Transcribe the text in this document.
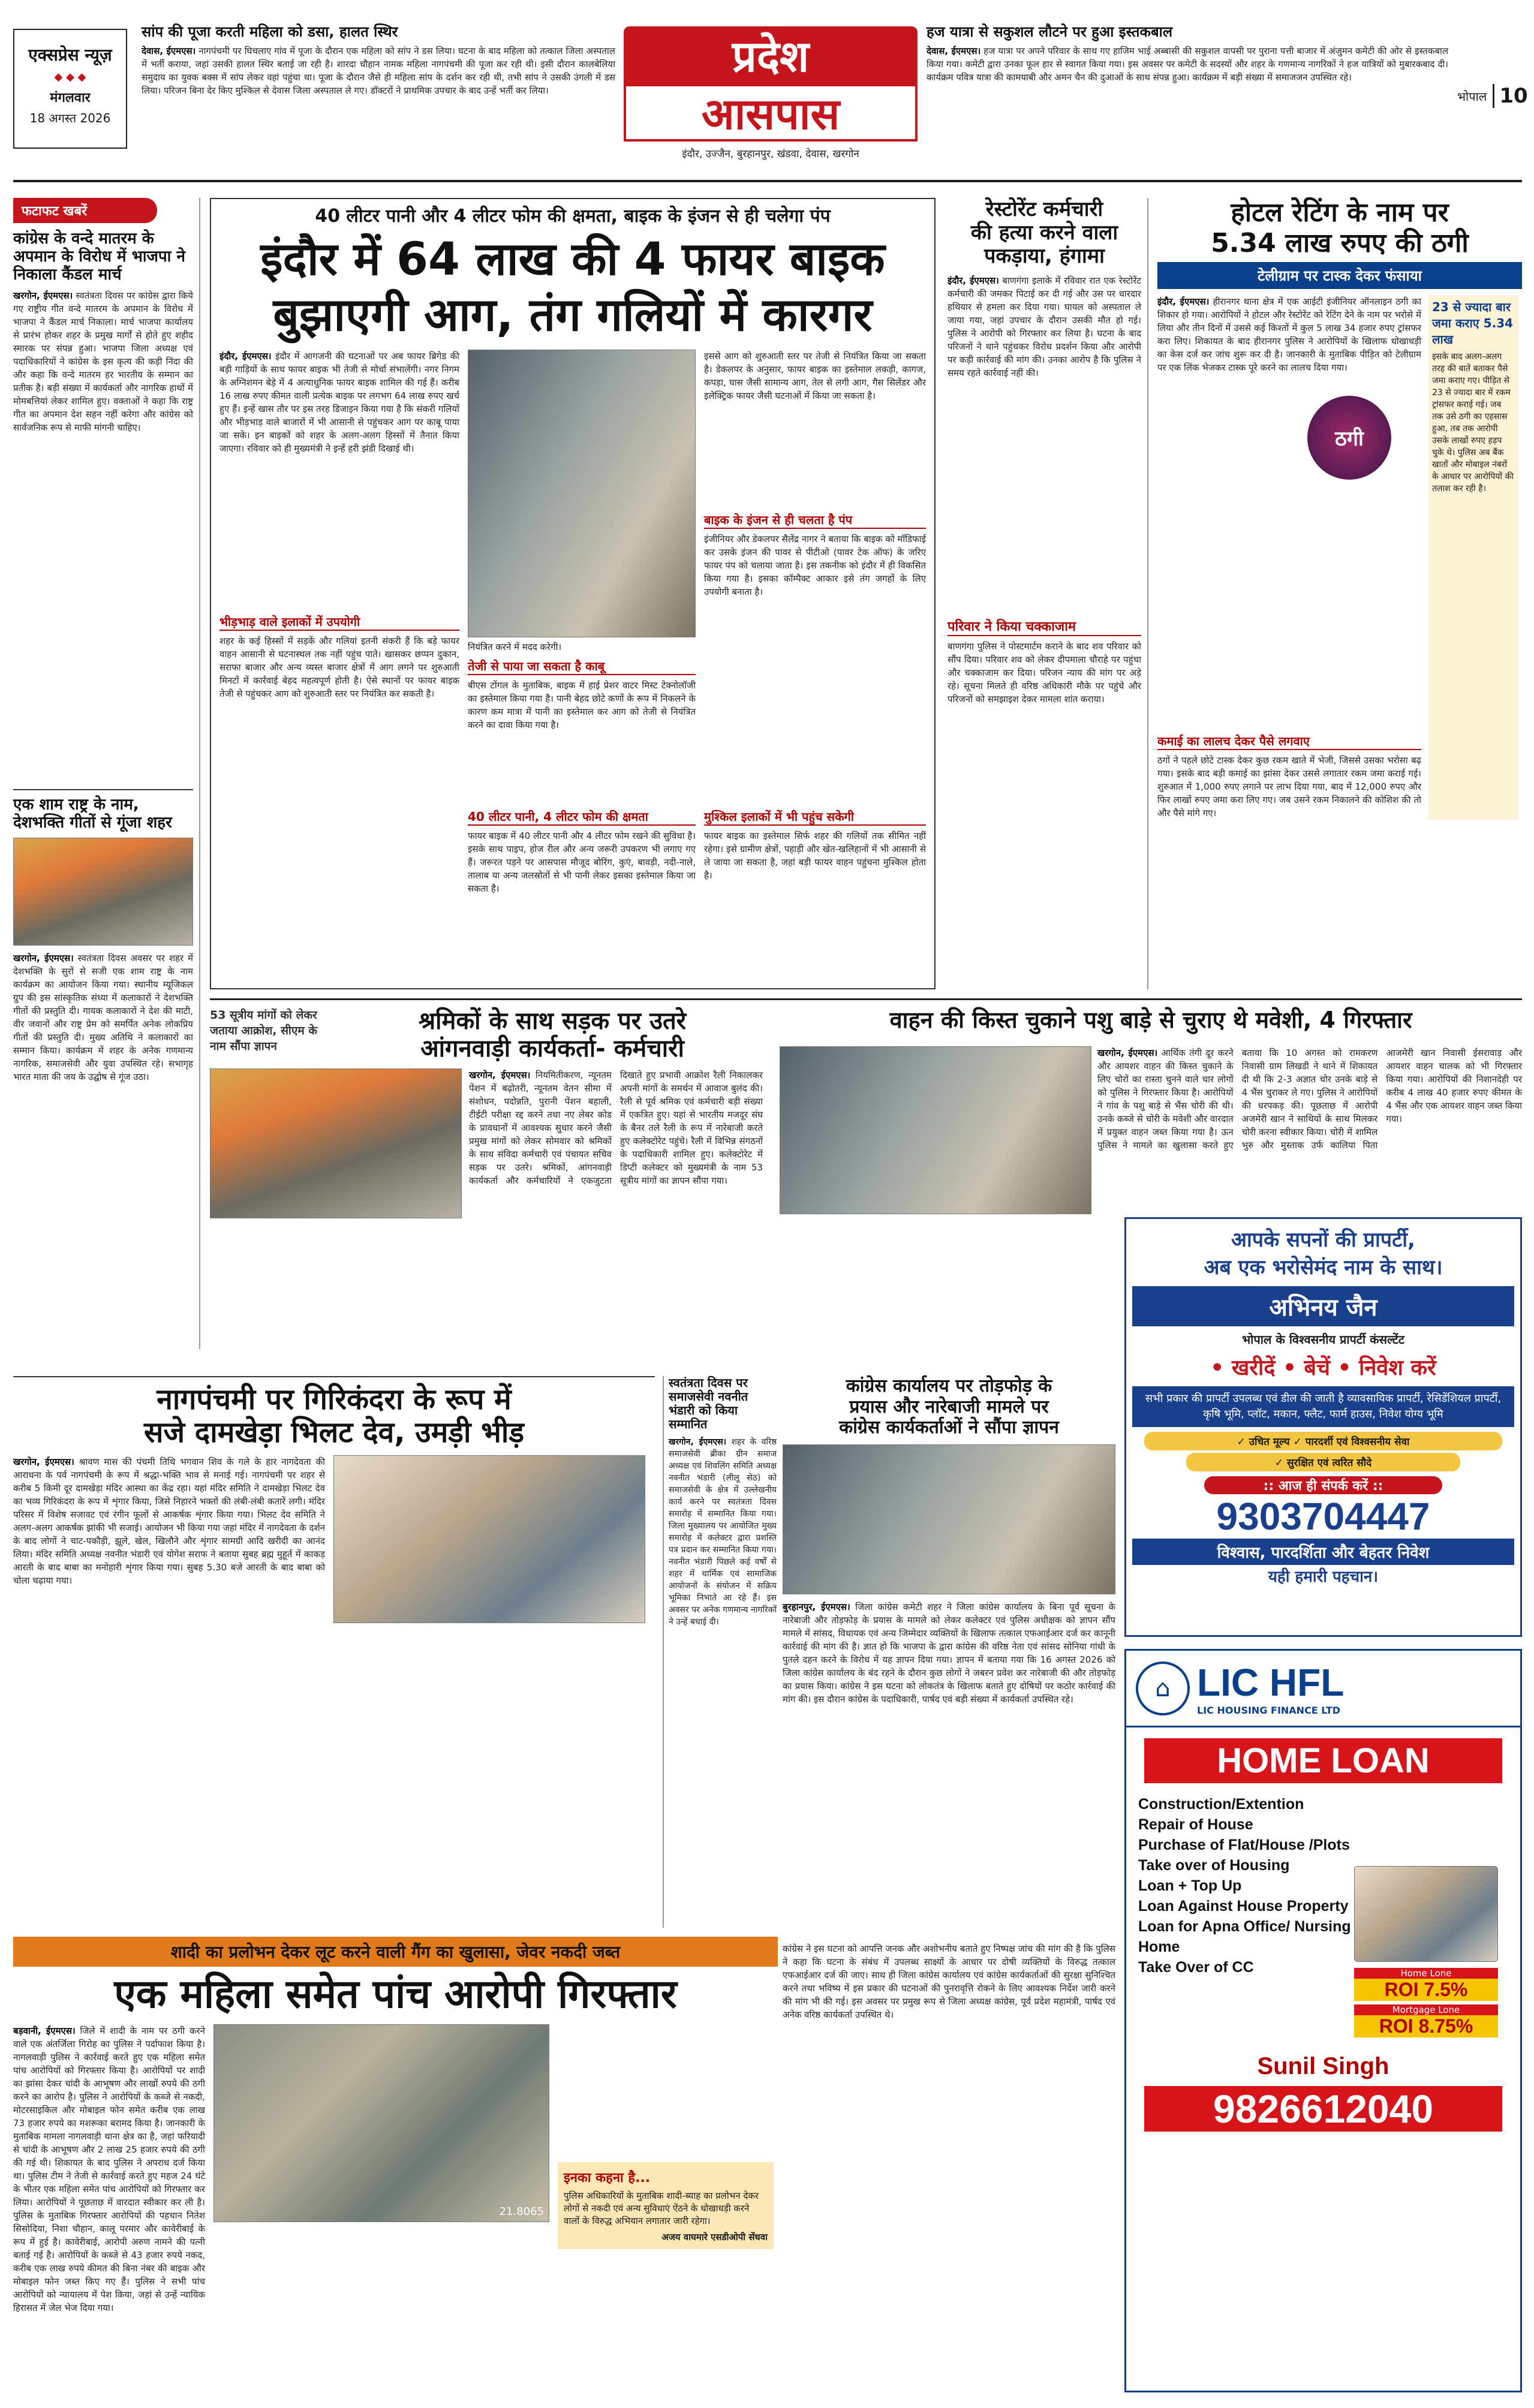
एक्सप्रेस न्यूज़
◆ ◆ ◆
मंगलवार
18 अगस्त 2026
सांप की पूजा करती महिला को डसा, हालत स्थिर
देवास, ईएमएस। नागपंचमी पर घिचलाए गांव में पूजा के दौरान एक महिला को सांप ने डस लिया। घटना के बाद महिला को तत्काल जिला अस्पताल में भर्ती कराया, जहां उसकी हालत स्थिर बताई जा रही है। शारदा चौहान नामक महिला नागपंचमी की पूजा कर रही थी। इसी दौरान कालबेलिया समुदाय का युवक बक्स में सांप लेकर वहां पहुंचा था। पूजा के दौरान जैसे ही महिला सांप के दर्शन कर रही थी, तभी सांप ने उसकी उंगली में डस लिया। परिजन बिना देर किए मुश्किल से देवास जिला अस्पताल ले गए। डॉक्टरों ने प्राथमिक उपचार के बाद उन्हें भर्ती कर लिया।
प्रदेश
आसपास
इंदौर, उज्जैन, बुरहानपुर, खंडवा, देवास, खरगोन
हज यात्रा से सकुशल लौटने पर हुआ इस्तकबाल
देवास, ईएमएस। हज यात्रा पर अपने परिवार के साथ गए हाजिम भाई अब्बासी की सकुशल वापसी पर पुराना पत्ती बाजार में अंजुमन कमेटी की ओर से इस्तकबाल किया गया। कमेटी द्वारा उनका फूल हार से स्वागत किया गया। इस अवसर पर कमेटी के सदस्यों और शहर के गणमान्य नागरिकों ने हज यात्रियों को मुबारकबाद दी। कार्यक्रम पवित्र यात्रा की कामयाबी और अमन चैन की दुआओं के साथ संपन्न हुआ। कार्यक्रम में बड़ी संख्या में समाजजन उपस्थित रहे।
भोपाल 10
फटाफट खबरें
कांग्रेस के वन्दे मातरम के अपमान के विरोध में भाजपा ने निकाला कैंडल मार्च
खरगोन, ईएमएस। स्वतंत्रता दिवस पर कांग्रेस द्वारा किये गए राष्ट्रीय गीत वन्दे मातरम के अपमान के विरोध में भाजपा ने कैंडल मार्च निकाला। मार्च भाजपा कार्यालय से प्रारंभ होकर शहर के प्रमुख मार्गों से होते हुए शहीद स्मारक पर संपन्न हुआ। भाजपा जिला अध्यक्ष एवं पदाधिकारियों ने कांग्रेस के इस कृत्य की कड़ी निंदा की और कहा कि वन्दे मातरम हर भारतीय के सम्मान का प्रतीक है। बड़ी संख्या में कार्यकर्ता और नागरिक हाथों में मोमबत्तियां लेकर शामिल हुए। वक्ताओं ने कहा कि राष्ट्र गीत का अपमान देश सहन नहीं करेगा और कांग्रेस को सार्वजनिक रूप से माफी मांगनी चाहिए।
एक शाम राष्ट्र के नाम, देशभक्ति गीतों से गूंजा शहर
खरगोन, ईएमएस। स्वतंत्रता दिवस अवसर पर शहर में देशभक्ति के सुरों से सजी एक शाम राष्ट्र के नाम कार्यक्रम का आयोजन किया गया। स्थानीय म्यूजिकल ग्रुप की इस सांस्कृतिक संध्या में कलाकारों ने देशभक्ति गीतों की प्रस्तुति दी। गायक कलाकारों ने देश की माटी, वीर जवानों और राष्ट्र प्रेम को समर्पित अनेक लोकप्रिय गीतों की प्रस्तुति दी। मुख्य अतिथि ने कलाकारों का सम्मान किया। कार्यक्रम में शहर के अनेक गणमान्य नागरिक, समाजसेवी और युवा उपस्थित रहे। सभागृह भारत माता की जय के उद्घोष से गूंज उठा।
40 लीटर पानी और 4 लीटर फोम की क्षमता, बाइक के इंजन से ही चलेगा पंप
इंदौर में 64 लाख की 4 फायर बाइक
बुझाएगी आग, तंग गलियों में कारगर
इंदौर, ईएमएस। इंदौर में आगजनी की घटनाओं पर अब फायर ब्रिगेड की बड़ी गाड़ियों के साथ फायर बाइक भी तेजी से मोर्चा संभालेंगी। नगर निगम के अग्निशमन बेड़े में 4 अत्याधुनिक फायर बाइक शामिल की गई हैं। करीब 16 लाख रुपए कीमत वाली प्रत्येक बाइक पर लगभग 64 लाख रुपए खर्च हुए हैं। इन्हें खास तौर पर इस तरह डिजाइन किया गया है कि संकरी गलियों और भीड़भाड़ वाले बाजारों में भी आसानी से पहुंचकर आग पर काबू पाया जा सके। इन बाइकों को शहर के अलग-अलग हिस्सों में तैनात किया जाएगा। रविवार को ही मुख्यमंत्री ने इन्हें हरी झंडी दिखाई थी।
भीड़भाड़ वाले इलाकों में उपयोगी
शहर के कई हिस्सों में सड़कें और गलियां इतनी संकरी हैं कि बड़े फायर वाहन आसानी से घटनास्थल तक नहीं पहुंच पाते। खासकर छप्पन दुकान, सराफा बाजार और अन्य व्यस्त बाजार क्षेत्रों में आग लगने पर शुरुआती मिनटों में कार्रवाई बेहद महत्वपूर्ण होती है। ऐसे स्थानों पर फायर बाइक तेजी से पहुंचकर आग को शुरुआती स्तर पर नियंत्रित कर सकती है।
नियंत्रित करने में मदद करेगी।
तेजी से पाया जा सकता है काबू
बीएस टोंगल के मुताबिक, बाइक में हाई प्रेशर वाटर मिस्ट टेक्नोलॉजी का इस्तेमाल किया गया है। पानी बेहद छोटे कणों के रूप में निकलने के कारण कम मात्रा में पानी का इस्तेमाल कर आग को तेजी से नियंत्रित करने का दावा किया गया है।
इससे आग को शुरुआती स्तर पर तेजी से नियंत्रित किया जा सकता है। डेकलपर के अनुसार, फायर बाइक का इस्तेमाल लकड़ी, कागज, कपड़ा, घास जैसी सामान्य आग, तेल से लगी आग, गैस सिलेंडर और इलेक्ट्रिक फायर जैसी घटनाओं में किया जा सकता है।
बाइक के इंजन से ही चलता है पंप
इंजीनियर और डेकलपर सैलेंद्र नागर ने बताया कि बाइक को मॉडिफाई कर उसके इंजन की पावर से पीटीओ (पावर टेक ऑफ) के जरिए फायर पंप को चलाया जाता है। इस तकनीक को इंदौर में ही विकसित किया गया है। इसका कॉम्पैक्ट आकार इसे तंग जगहों के लिए उपयोगी बनाता है।
40 लीटर पानी, 4 लीटर फोम की क्षमता
फायर बाइक में 40 लीटर पानी और 4 लीटर फोम रखने की सुविधा है। इसके साथ पाइप, होज रील और अन्य जरूरी उपकरण भी लगाए गए हैं। जरूरत पड़ने पर आसपास मौजूद बोरिंग, कुएं, बावड़ी, नदी-नाले, तालाब या अन्य जलस्रोतों से भी पानी लेकर इसका इस्तेमाल किया जा सकता है।
मुश्किल इलाकों में भी पहुंच सकेगी
फायर बाइक का इस्तेमाल सिर्फ शहर की गलियों तक सीमित नहीं रहेगा। इसे ग्रामीण क्षेत्रों, पहाड़ी और खेत-खलिहानों में भी आसानी से ले जाया जा सकता है, जहां बड़ी फायर वाहन पहुंचना मुश्किल होता है।
रेस्टोरेंट कर्मचारी
की हत्या करने वाला
पकड़ाया, हंगामा
इंदौर, ईएमएस। बाणगंगा इलाके में रविवार रात एक रेस्टोरेंट कर्मचारी की जमकर पिटाई कर दी गई और उस पर धारदार हथियार से हमला कर दिया गया। घायल को अस्पताल ले जाया गया, जहां उपचार के दौरान उसकी मौत हो गई। पुलिस ने आरोपी को गिरफ्तार कर लिया है। घटना के बाद परिजनों ने थाने पहुंचकर विरोध प्रदर्शन किया और आरोपी पर कड़ी कार्रवाई की मांग की। उनका आरोप है कि पुलिस ने समय रहते कार्रवाई नहीं की।
परिवार ने किया चक्काजाम
बाणगंगा पुलिस ने पोस्टमार्टम कराने के बाद शव परिवार को सौंप दिया। परिवार शव को लेकर दीपमाला चौराहे पर पहुंचा और चक्काजाम कर दिया। परिजन न्याय की मांग पर अड़े रहे। सूचना मिलते ही वरिष्ठ अधिकारी मौके पर पहुंचे और परिजनों को समझाइश देकर मामला शांत कराया।
होटल रेटिंग के नाम पर
5.34 लाख रुपए की ठगी
टेलीग्राम पर टास्क देकर फंसाया
इंदौर, ईएमएस। हीरानगर थाना क्षेत्र में एक आईटी इंजीनियर ऑनलाइन ठगी का शिकार हो गया। आरोपियों ने होटल और रेस्टोरेंट को रेटिंग देने के नाम पर भरोसे में लिया और तीन दिनों में उससे कई किश्तों में कुल 5 लाख 34 हजार रुपए ट्रांसफर करा लिए। शिकायत के बाद हीरानगर पुलिस ने आरोपियों के खिलाफ धोखाधड़ी का केस दर्ज कर जांच शुरू कर दी है। जानकारी के मुताबिक पीड़ित को टेलीग्राम पर एक लिंक भेजकर टास्क पूरे करने का लालच दिया गया।
कमाई का लालच देकर पैसे लगवाए
ठगों ने पहले छोटे टास्क देकर कुछ रकम खाते में भेजी, जिससे उसका भरोसा बढ़ गया। इसके बाद बड़ी कमाई का झांसा देकर उससे लगातार रकम जमा कराई गई। शुरुआत में 1,000 रुपए लगाने पर लाभ दिया गया, बाद में 12,000 रुपए और फिर लाखों रुपए जमा करा लिए गए। जब उसने रकम निकालने की कोशिश की तो और पैसे मांगे गए।
23 से ज्यादा बार जमा कराए 5.34 लाख
इसके बाद अलग-अलग तरह की बातें बताकर पैसे जमा कराए गए। पीड़ित से 23 से ज्यादा बार में रकम ट्रांसफर कराई गई। जब तक उसे ठगी का एहसास हुआ, तब तक आरोपी उसके लाखों रुपए हड़प चुके थे। पुलिस अब बैंक खातों और मोबाइल नंबरों के आधार पर आरोपियों की तलाश कर रही है।
ठगी
53 सूत्रीय मांगों को लेकर जताया आक्रोश, सीएम के नाम सौंपा ज्ञापन
श्रमिकों के साथ सड़क पर उतरे
आंगनवाड़ी कार्यकर्ता- कर्मचारी
खरगोन, ईएमएस। नियमितीकरण, न्यूनतम पेंशन में बढ़ोतरी, न्यूनतम वेतन सीमा में संशोधन, पदोन्नति, पुरानी पेंशन बहाली, टीईटी परीक्षा रद्द करने तथा नए लेबर कोड के प्रावधानों में आवश्यक सुधार करने जैसी प्रमुख मांगों को लेकर सोमवार को श्रमिकों के साथ संविदा कर्मचारी एवं पंचायत सचिव सड़क पर उतरे। श्रमिकों, आंगनवाड़ी कार्यकर्ता और कर्मचारियों ने एकजुटता दिखाते हुए प्रभावी आक्रोश रैली निकालकर अपनी मांगों के समर्थन में आवाज बुलंद की। रैली से पूर्व श्रमिक एवं कर्मचारी बड़ी संख्या में एकत्रित हुए। यहां से भारतीय मजदूर संघ के बैनर तले रैली के रूप में नारेबाजी करते हुए कलेक्टोरेट पहुंचे। रैली में विभिन्न संगठनों के पदाधिकारी शामिल हुए। कलेक्टोरेट में डिप्टी कलेक्टर को मुख्यमंत्री के नाम 53 सूत्रीय मांगों का ज्ञापन सौंपा गया।
वाहन की किस्त चुकाने पशु बाड़े से चुराए थे मवेशी, 4 गिरफ्तार
खरगोन, ईएमएस। आर्थिक तंगी दूर करने और आयशर वाहन की किस्त चुकाने के लिए चोरों का रास्ता चुनने वाले चार लोगों को पुलिस ने गिरफ्तार किया है। आरोपियों ने गांव के पशु बाड़े से भैंस चोरी की थी। उनके कब्जे से चोरी के मवेशी और वारदात में प्रयुक्त वाहन जब्त किया गया है। ऊन पुलिस ने मामले का खुलासा करते हुए बताया कि 10 अगस्त को रामकरण निवासी ग्राम लिखडी ने थाने में शिकायत दी थी कि 2-3 अज्ञात चोर उनके बाड़े से 4 भैंस चुराकर ले गए। पुलिस ने आरोपियों की धरपकड़ की। पूछताछ में आरोपी अजमेरी खान ने साथियों के साथ मिलकर चोरी करना स्वीकार किया। चोरी में शामिल भुरु और मुस्ताक उर्फ कालिया पिता आजमेरी खान निवासी ईसरावाड़ और आयशर वाहन चालक को भी गिरफ्तार किया गया। आरोपियों की निशानदेही पर करीब 4 लाख 40 हजार रुपए कीमत के 4 भैंस और एक आयशर वाहन जब्त किया गया।
आपके सपनों की प्रापर्टी,
अब एक भरोसेमंद नाम के साथ।
अभिनय जैन
भोपाल के विश्वसनीय प्रापर्टी कंसल्टेंट
• खरीदें • बेचें • निवेश करें
सभी प्रकार की प्रापर्टी उपलब्ध एवं डील की जाती है व्यावसायिक प्रापर्टी, रेसिडेंशियल प्रापर्टी, कृषि भूमि, प्लॉट, मकान, फ्लैट, फार्म हाउस, निवेश योग्य भूमि
✓ उचित मूल्य ✓ पारदर्शी एवं विश्वसनीय सेवा
✓ सुरक्षित एवं त्वरित सौदे
:: आज ही संपर्क करें ::
9303704447
विश्वास, पारदर्शिता और बेहतर निवेश
यही हमारी पहचान।
नागपंचमी पर गिरिकंदरा के रूप में
सजे दामखेड़ा भिलट देव, उमड़ी भीड़
खरगोन, ईएमएस। श्रावण मास की पंचमी तिथि भगवान शिव के गले के हार नागदेवता की आराधना के पर्व नागपंचमी के रूप में श्रद्धा-भक्ति भाव से मनाई गई। नागपंचमी पर शहर से करीब 5 किमी दूर दामखेड़ा मंदिर आस्था का केंद्र रहा। यहां मंदिर समिति ने दामखेड़ा भिलट देव का भव्य गिरिकंदरा के रूप में शृंगार किया, जिसे निहारने भक्तों की लंबी-लंबी कतारें लगी। मंदिर परिसर में विशेष सजावट एवं रंगीन फूलों से आकर्षक शृंगार किया गया। भिलट देव समिति ने अलग-अलग आकर्षक झांकी भी सजाई। आयोजन भी किया गया जहां मंदिर में नागदेवता के दर्शन के बाद लोगों ने चाट-पकौड़ी, झूले, खेल, खिलौने और शृंगार सामग्री आदि खरीदी का आनंद लिया। मंदिर समिति अध्यक्ष नवनीत भंडारी एवं योगेश सराफ ने बताया सुबह ब्रह्म मुहूर्त में काकड़ आरती के बाद बाबा का मनोहारी शृंगार किया गया। सुबह 5.30 बजे आरती के बाद बाबा को चोला चढ़ाया गया।
स्वतंत्रता दिवस पर समाजसेवी नवनीत भंडारी को किया सम्मानित
खरगोन, ईएमएस। शहर के वरिष्ठ समाजसेवी ब्रीका ग्रीन समाज अध्यक्ष एवं शिवलिंग समिति अध्यक्ष नवनीत भंडारी (लीलू सेठ) को समाजसेवी के क्षेत्र में उल्लेखनीय कार्य करने पर स्वतंत्रता दिवस समारोह में सम्मानित किया गया। जिला मुख्यालय पर आयोजित मुख्य समारोह में कलेक्टर द्वारा प्रशस्ति पत्र प्रदान कर सम्मानित किया गया। नवनीत भंडारी पिछले कई वर्षों से शहर में धार्मिक एवं सामाजिक आयोजनों के संयोजन में सक्रिय भूमिका निभाते आ रहे हैं। इस अवसर पर अनेक गणमान्य नागरिकों ने उन्हें बधाई दी।
कांग्रेस कार्यालय पर तोड़फोड़ के
प्रयास और नारेबाजी मामले पर
कांग्रेस कार्यकर्ताओं ने सौंपा ज्ञापन
बुरहानपुर, ईएमएस। जिला कांग्रेस कमेटी शहर ने जिला कांग्रेस कार्यालय के बिना पूर्व सूचना के नारेबाजी और तोड़फोड़ के प्रयास के मामले को लेकर कलेक्टर एवं पुलिस अधीक्षक को ज्ञापन सौंप मामले में सांसद, विधायक एवं अन्य जिम्मेदार व्यक्तियों के खिलाफ तत्काल एफआईआर दर्ज कर कानूनी कार्रवाई की मांग की है। ज्ञात हो कि भाजपा के द्वारा कांग्रेस की वरिष्ठ नेता एवं सांसद सोनिया गांधी के पुतले दहन करने के विरोध में यह ज्ञापन दिया गया। ज्ञापन में बताया गया कि 16 अगस्त 2026 को जिला कांग्रेस कार्यालय के बंद रहने के दौरान कुछ लोगों ने जबरन प्रवेश कर नारेबाजी की और तोड़फोड़ का प्रयास किया। कांग्रेस ने इस घटना को लोकतंत्र के खिलाफ बताते हुए दोषियों पर कठोर कार्रवाई की मांग की। इस दौरान कांग्रेस के पदाधिकारी, पार्षद एवं बड़ी संख्या में कार्यकर्ता उपस्थित रहे।
कांग्रेस ने इस घटना को आपत्ति जनक और अशोभनीय बताते हुए निष्पक्ष जांच की मांग की है कि पुलिस ने कहा कि घटना के संबंध में उपलब्ध साक्ष्यों के आधार पर दोषी व्यक्तियों के विरुद्ध तत्काल एफआईआर दर्ज की जाए। साथ ही जिला कांग्रेस कार्यालय एवं कांग्रेस कार्यकर्ताओं की सुरक्षा सुनिश्चित करने तथा भविष्य में इस प्रकार की घटनाओं की पुनरावृत्ति रोकने के लिए आवश्यक निर्देश जारी करने की मांग भी की गई। इस अवसर पर प्रमुख रूप से जिला अध्यक्ष कांग्रेस, पूर्व प्रदेश महामंत्री, पार्षद एवं अनेक वरिष्ठ कार्यकर्ता उपस्थित थे।
शादी का प्रलोभन देकर लूट करने वाली गैंग का खुलासा, जेवर नकदी जब्त
एक महिला समेत पांच आरोपी गिरफ्तार
बड़वानी, ईएमएस। जिले में शादी के नाम पर ठगी करने वाले एक अंतर्जिला गिरोह का पुलिस ने पर्दाफाश किया है। नागलवाड़ी पुलिस ने कार्रवाई करते हुए एक महिला समेत पांच आरोपियों को गिरफ्तार किया है। आरोपियों पर शादी का झांसा देकर चांदी के आभूषण और लाखों रुपये की ठगी करने का आरोप है। पुलिस ने आरोपियों के कब्जे से नकदी, मोटरसाइकिल और मोबाइल फोन समेत करीब एक लाख 73 हजार रुपये का मशरूका बरामद किया है। जानकारी के मुताबिक मामला नागलवाड़ी थाना क्षेत्र का है, जहां फरियादी से चांदी के आभूषण और 2 लाख 25 हजार रुपये की ठगी की गई थी। शिकायत के बाद पुलिस ने अपराध दर्ज किया था। पुलिस टीम ने तेजी से कार्रवाई करते हुए महज 24 घंटे के भीतर एक महिला समेत पांच आरोपियों को गिरफ्तार कर लिया। आरोपियों ने पूछताछ में वारदात स्वीकार कर ली है। पुलिस के मुताबिक गिरफ्तार आरोपियों की पहचान नितेश सिसोदिया, निशा चौहान, कालू परमार और कावेरीबाई के रूप में हुई है। कावेरीबाई, आरोपी अरुण नामने की पत्नी बताई गई है। आरोपियों के कब्जे से 43 हजार रुपये नकद, करीब एक लाख रुपये कीमत की बिना नंबर की बाइक और मोबाइल फोन जब्त किए गए हैं। पुलिस ने सभी पांच आरोपियों को न्यायालय में पेश किया, जहां से उन्हें न्यायिक हिरासत में जेल भेज दिया गया।
21.8065
इनका कहना है...
पुलिस अधिकारियों के मुताबिक शादी-ब्याह का प्रलोभन देकर लोगों से नकदी एवं अन्य सुविधाएं ऐंठने के धोखाधड़ी करने वालों के विरुद्ध अभियान लगातार जारी रहेगा।
अजय वाघमारे एसडीओपी सेंधवा
⌂ LIC HFL
LIC HOUSING FINANCE LTD
HOME LOAN
Construction/Extention
Repair of House
Purchase of Flat/House /Plots
Take over of Housing
Loan + Top Up
Loan Against House Property
Loan for Apna Office/ Nursing Home
Take Over of CC	Home Lone
ROI 7.5%
Mortgage Lone
ROI 8.75%
Sunil Singh
9826612040
